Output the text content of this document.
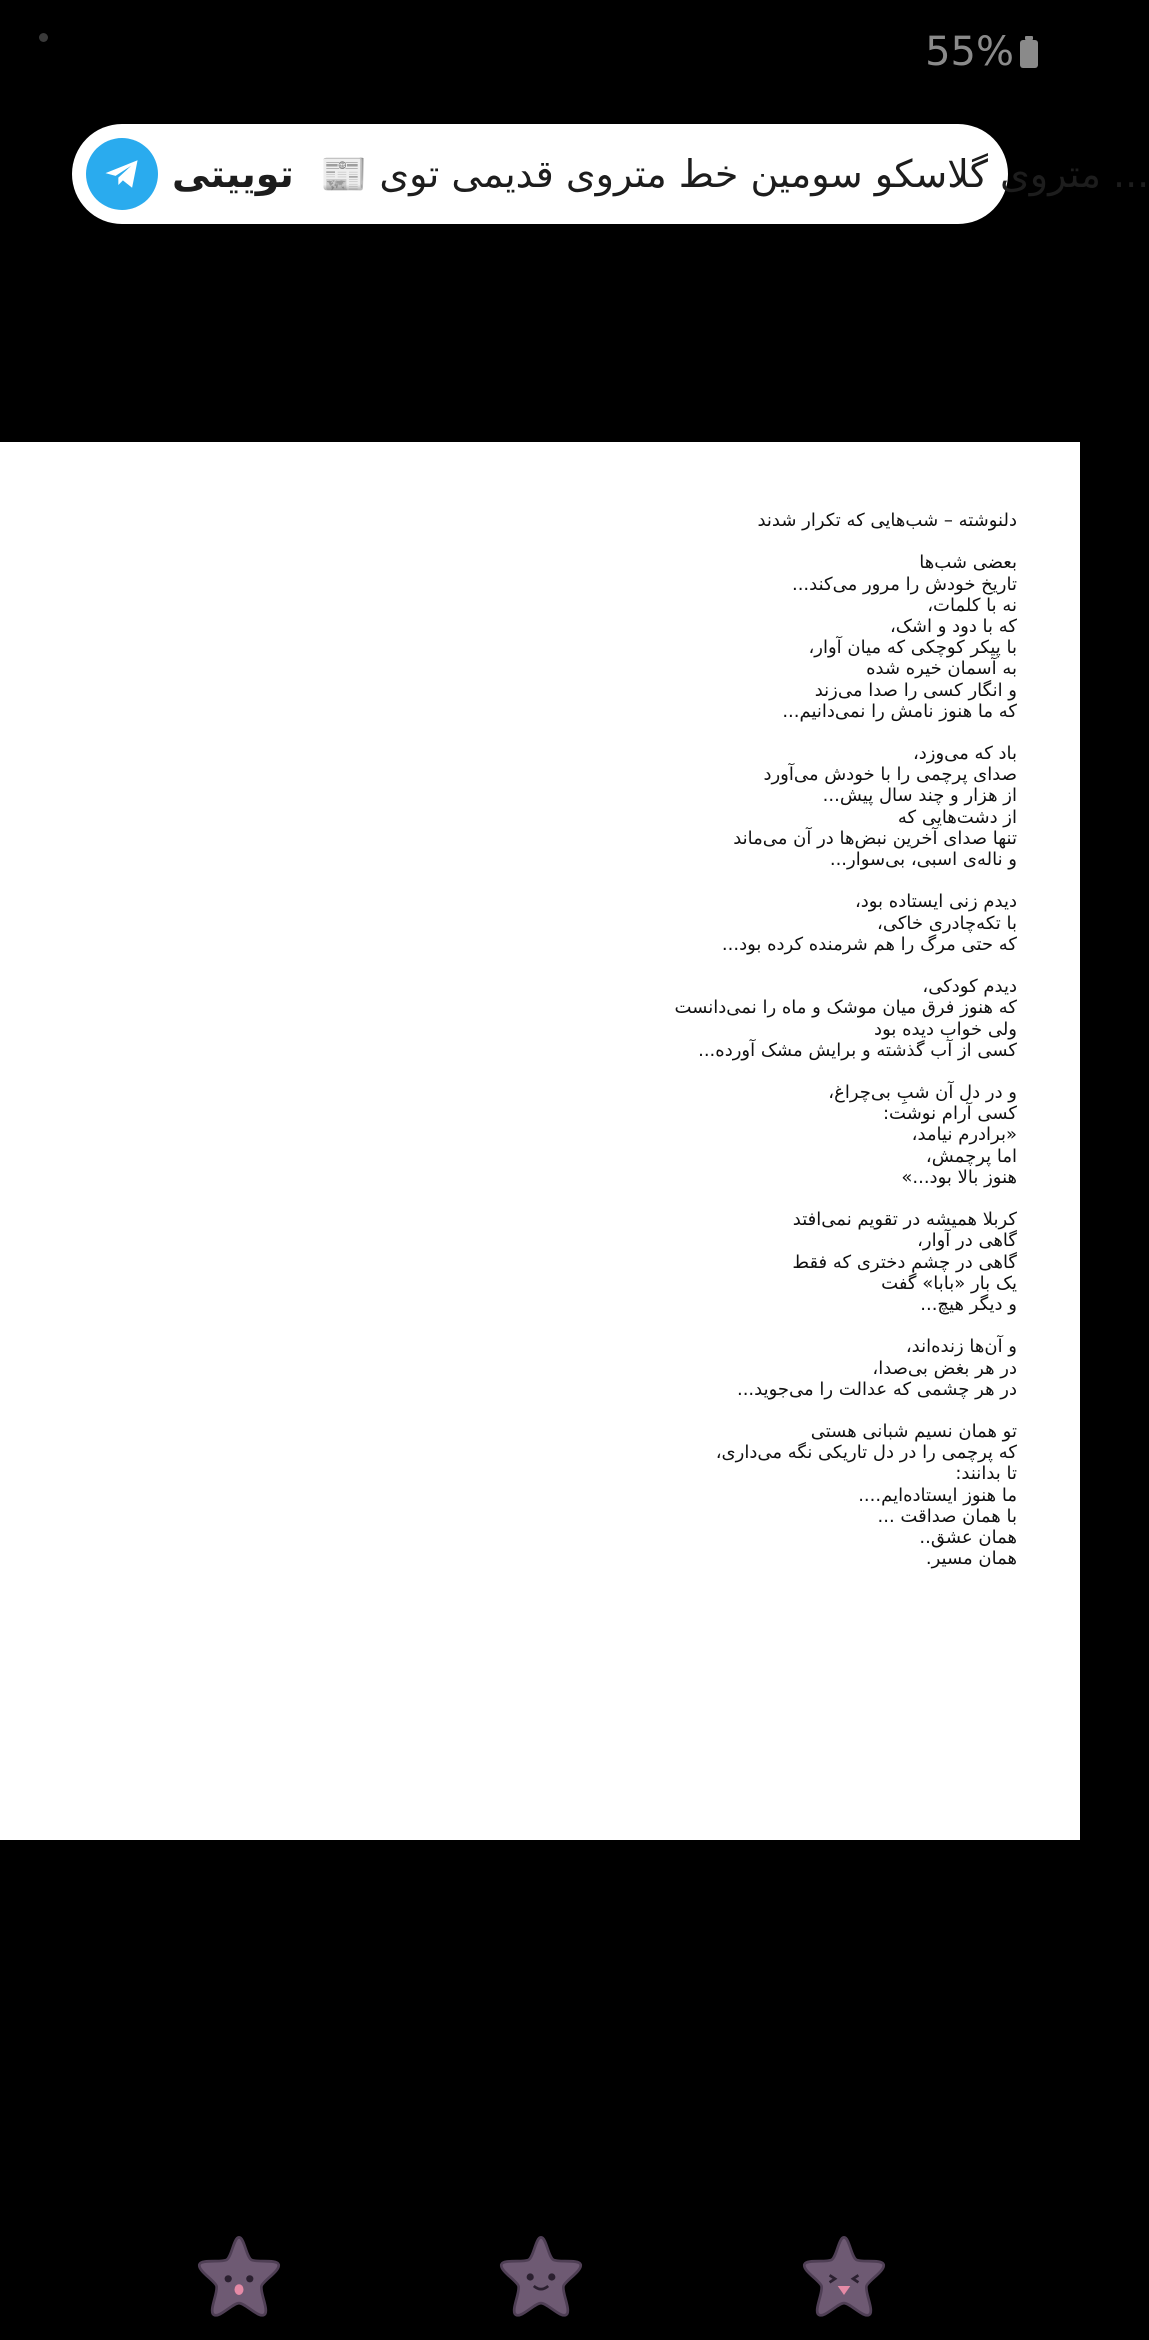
55%
توییتی 📰 متروی گلاسکو سومین خط متروی قدیمی توی ...
دلنوشته – شب‌هایی که تکرار شدند

بعضی شب‌ها
تاریخ خودش را مرور می‌کند...
نه با کلمات،
که با دود و اشک،
با پیکر کوچکی که میان آوار،
به آسمان خیره شده
و انگار کسی را صدا می‌زند
که ما هنوز نامش را نمی‌دانیم...

باد که می‌وزد،
صدای پرچمی را با خودش می‌آورد
از هزار و چند سال پیش...
از دشت‌هایی که
تنها صدای آخرین نبض‌ها در آن می‌ماند
و ناله‌ی اسبی، بی‌سوار...

دیدم زنی ایستاده بود،
با تکه‌چادری خاکی،
که حتی مرگ را هم شرمنده کرده بود...

دیدم کودکی،
که هنوز فرق میان موشک و ماه را نمی‌دانست
ولی خواب دیده بود
کسی از آب گذشته و برایش مشک آورده...

و در دل آن شبِ بی‌چراغ،
کسی آرام نوشت:
«برادرم نیامد،
اما پرچمش،
هنوز بالا بود...»

کربلا همیشه در تقویم نمی‌افتد
گاهی در آوار،
گاهی در چشم دختری که فقط
یک بار «بابا» گفت
و دیگر هیچ...

و آن‌ها زنده‌اند،
در هر بغض بی‌صدا،
در هر چشمی که عدالت را می‌جوید...

تو همان نسیم شبانی هستی
که پرچمی را در دل تاریکی نگه می‌داری،
تا بدانند:
ما هنوز ایستاده‌ایم....
با همان صداقت ...
همان عشق..
همان مسیر.
